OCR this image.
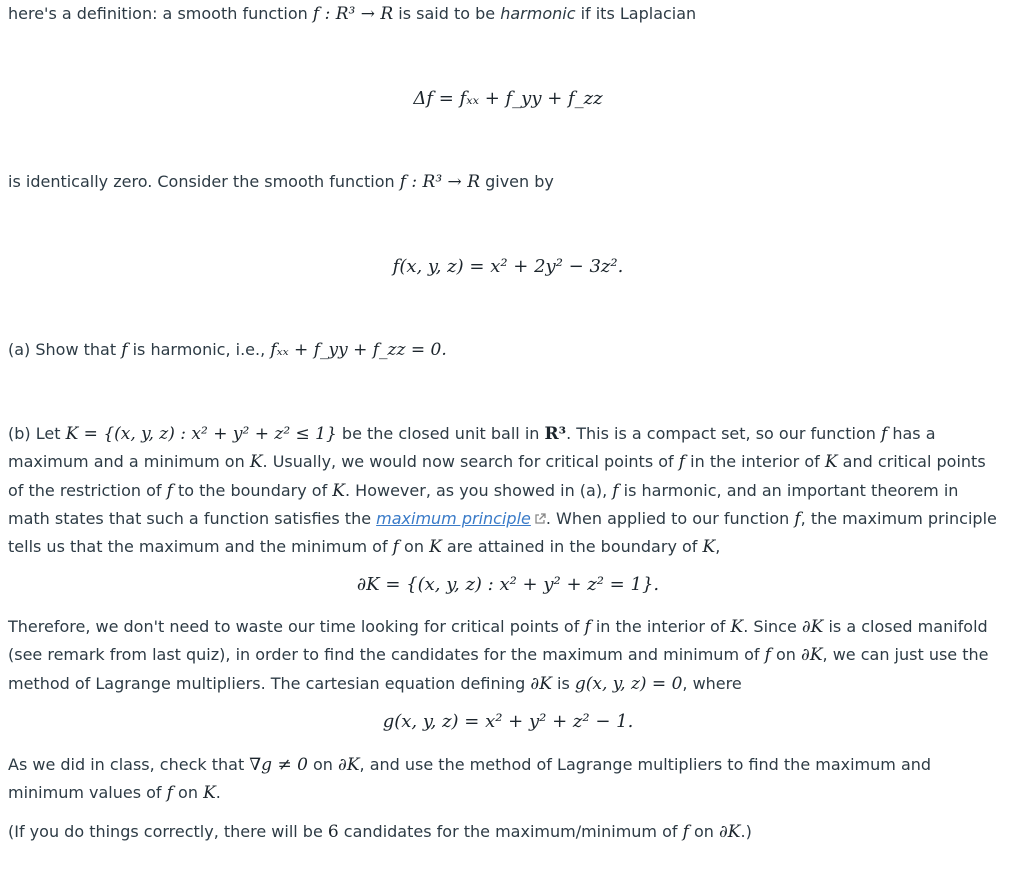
here's a definition: a smooth function f : R³ → R is said to be harmonic if its Laplacian
Δf = fₓₓ + f_yy + f_zz
is identically zero. Consider the smooth function f : R³ → R given by
f(x, y, z) = x² + 2y² − 3z².
(a) Show that f is harmonic, i.e., fₓₓ + f_yy + f_zz = 0.
(b) Let K = {(x, y, z) : x² + y² + z² ≤ 1} be the closed unit ball in R³. This is a compact set, so our function f has a
maximum and a minimum on K. Usually, we would now search for critical points of f in the interior of K and critical points
of the restriction of f to the boundary of K. However, as you showed in (a), f is harmonic, and an important theorem in
math states that such a function satisfies the maximum principle . When applied to our function f, the maximum principle
tells us that the maximum and the minimum of f on K are attained in the boundary of K,
∂K = {(x, y, z) : x² + y² + z² = 1}.
Therefore, we don't need to waste our time looking for critical points of f in the interior of K. Since ∂K is a closed manifold
(see remark from last quiz), in order to find the candidates for the maximum and minimum of f on ∂K, we can just use the
method of Lagrange multipliers. The cartesian equation defining ∂K is g(x, y, z) = 0, where
g(x, y, z) = x² + y² + z² − 1.
As we did in class, check that ∇g ≠ 0 on ∂K, and use the method of Lagrange multipliers to find the maximum and
minimum values of f on K.
(If you do things correctly, there will be 6 candidates for the maximum/minimum of f on ∂K.)
